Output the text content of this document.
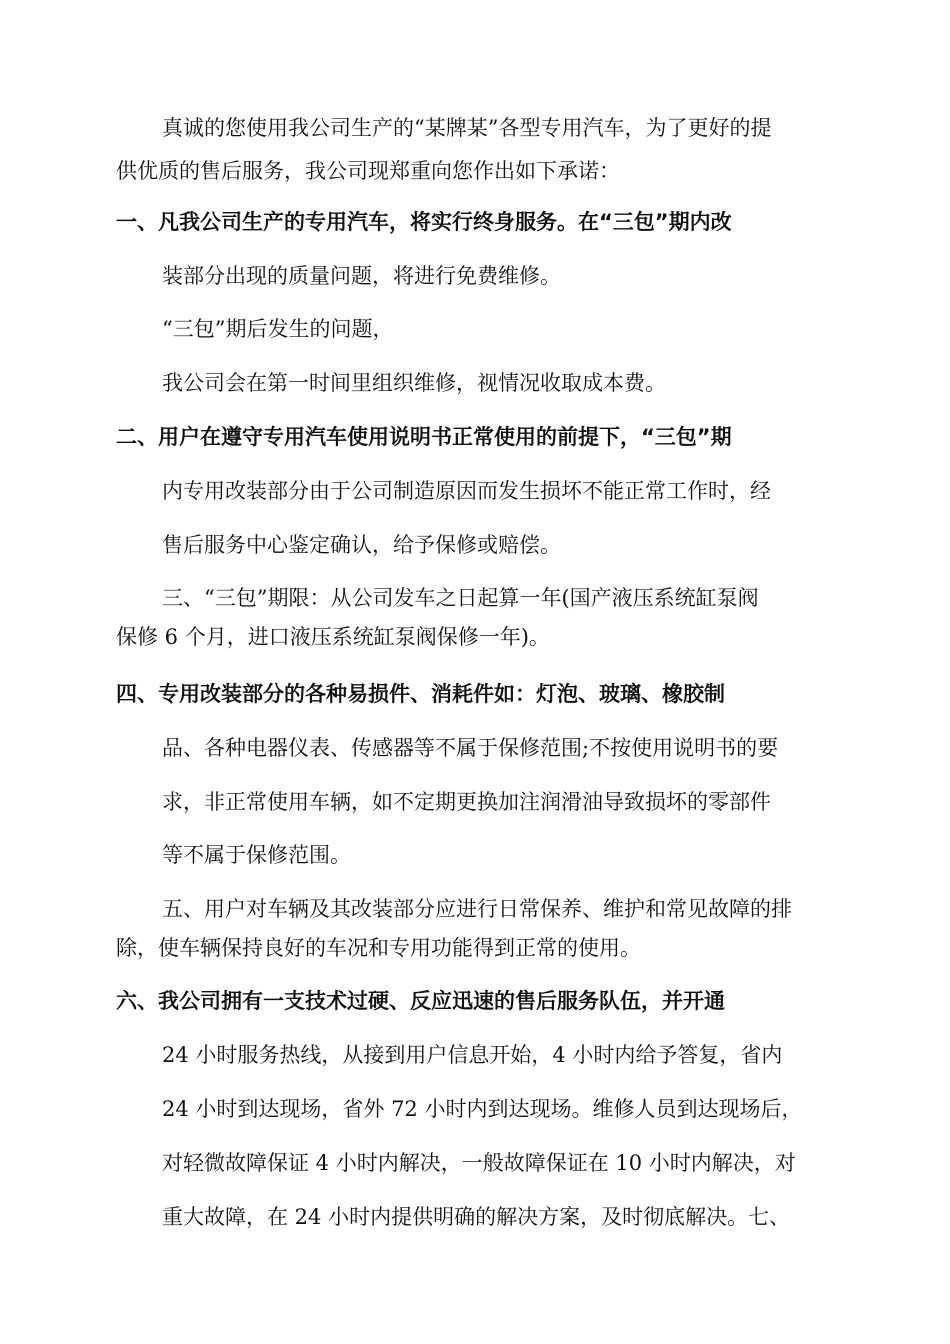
真诚的您使用我公司生产的“某牌某”各型专用汽车，为了更好的提

供优质的售后服务，我公司现郑重向您作出如下承诺：

一、凡我公司生产的专用汽车，将实行终身服务。在“三包”期内改

装部分出现的质量问题，将进行免费维修。

“三包”期后发生的问题，

我公司会在第一时间里组织维修，视情况收取成本费。

二、用户在遵守专用汽车使用说明书正常使用的前提下，“三包”期

内专用改装部分由于公司制造原因而发生损坏不能正常工作时，经

售后服务中心鉴定确认，给予保修或赔偿。

三、“三包”期限：从公司发车之日起算一年(国产液压系统缸泵阀

保修 6 个月，进口液压系统缸泵阀保修一年)。

四、专用改装部分的各种易损件、消耗件如：灯泡、玻璃、橡胶制

品、各种电器仪表、传感器等不属于保修范围;不按使用说明书的要

求，非正常使用车辆，如不定期更换加注润滑油导致损坏的零部件

等不属于保修范围。

五、用户对车辆及其改装部分应进行日常保养、维护和常见故障的排

除，使车辆保持良好的车况和专用功能得到正常的使用。

六、我公司拥有一支技术过硬、反应迅速的售后服务队伍，并开通

24 小时服务热线，从接到用户信息开始，4 小时内给予答复，省内

24 小时到达现场，省外 72 小时内到达现场。维修人员到达现场后，

对轻微故障保证 4 小时内解决，一般故障保证在 10 小时内解决，对

重大故障，在 24 小时内提供明确的解决方案，及时彻底解决。七、
